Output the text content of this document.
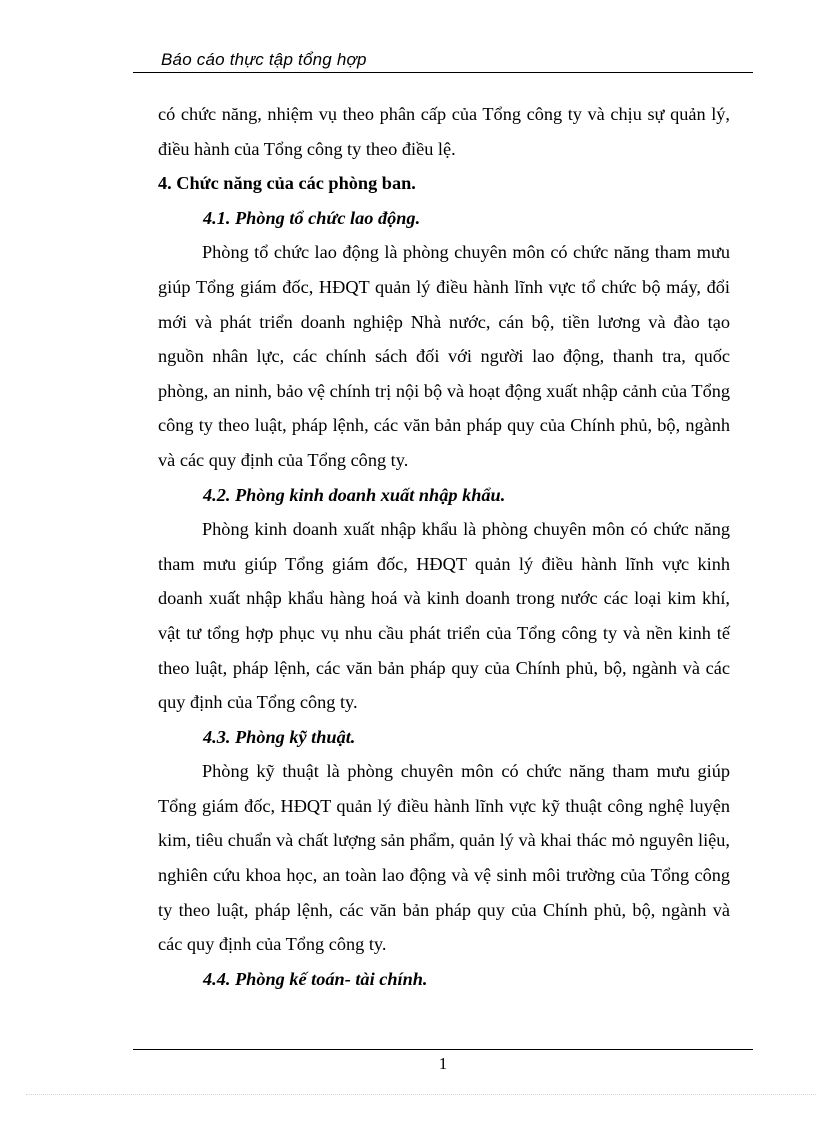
Báo cáo thực tập tổng hợp

có chức năng, nhiệm vụ theo phân cấp của Tổng công ty và chịu sự quản lý, điều hành của Tổng công ty theo điều lệ.

4. Chức năng của các phòng ban.

4.1. Phòng tổ chức lao động.

Phòng tổ chức lao động là phòng chuyên môn có chức năng tham mưu giúp Tổng giám đốc, HĐQT quản lý điều hành lĩnh vực tổ chức bộ máy, đổi mới và phát triển doanh nghiệp Nhà nước, cán bộ, tiền lương và đào tạo nguồn nhân lực, các chính sách đối với người lao động, thanh tra, quốc phòng, an ninh, bảo vệ chính trị nội bộ và hoạt động xuất nhập cảnh của Tổng công ty theo luật, pháp lệnh, các văn bản pháp quy của Chính phủ, bộ, ngành và các quy định của Tổng công ty.

4.2. Phòng kinh doanh xuất nhập khẩu.

Phòng kinh doanh xuất nhập khẩu là phòng chuyên môn có chức năng tham mưu giúp Tổng giám đốc, HĐQT quản lý điều hành lĩnh vực kinh doanh xuất nhập khẩu hàng hoá và kinh doanh trong nước các loại kim khí, vật tư tổng hợp phục vụ nhu cầu phát triển của Tổng công ty và nền kinh tế theo luật, pháp lệnh, các văn bản pháp quy của Chính phủ, bộ, ngành và các quy định của Tổng công ty.

4.3. Phòng kỹ thuật.

Phòng kỹ thuật là phòng chuyên môn có chức năng tham mưu giúp Tổng giám đốc, HĐQT quản lý điều hành lĩnh vực kỹ thuật công nghệ luyện kim, tiêu chuẩn và chất lượng sản phẩm, quản lý và khai thác mỏ nguyên liệu, nghiên cứu khoa học, an toàn lao động và vệ sinh môi trường của Tổng công ty theo luật, pháp lệnh, các văn bản pháp quy của Chính phủ, bộ, ngành và các quy định của Tổng công ty.

4.4. Phòng kế toán- tài chính.

1
